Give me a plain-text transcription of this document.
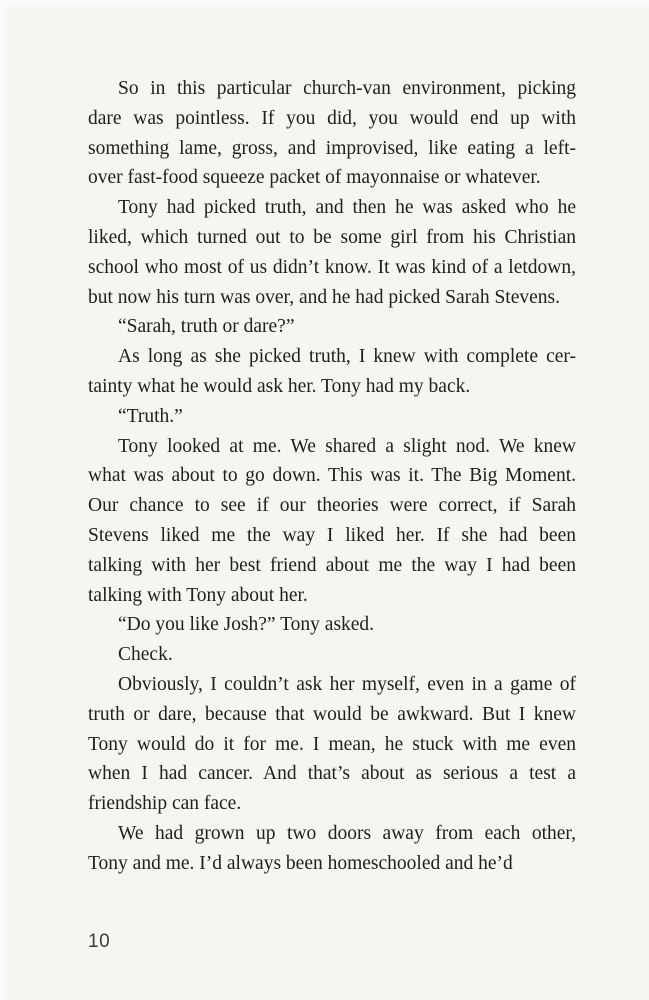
So in this particular church-van environment, picking
dare was pointless. If you did, you would end up with
something lame, gross, and improvised, like eating a left-
over fast-food squeeze packet of mayonnaise or whatever.
Tony had picked truth, and then he was asked who he
liked, which turned out to be some girl from his Christian
school who most of us didn’t know. It was kind of a letdown,
but now his turn was over, and he had picked Sarah Stevens.
“Sarah, truth or dare?”
As long as she picked truth, I knew with complete cer-
tainty what he would ask her. Tony had my back.
“Truth.”
Tony looked at me. We shared a slight nod. We knew
what was about to go down. This was it. The Big Moment.
Our chance to see if our theories were correct, if Sarah
Stevens liked me the way I liked her. If she had been
talking with her best friend about me the way I had been
talking with Tony about her.
“Do you like Josh?” Tony asked.
Check.
Obviously, I couldn’t ask her myself, even in a game of
truth or dare, because that would be awkward. But I knew
Tony would do it for me. I mean, he stuck with me even
when I had cancer. And that’s about as serious a test a
friendship can face.
We had grown up two doors away from each other,
Tony and me. I’d always been homeschooled and he’d
10
